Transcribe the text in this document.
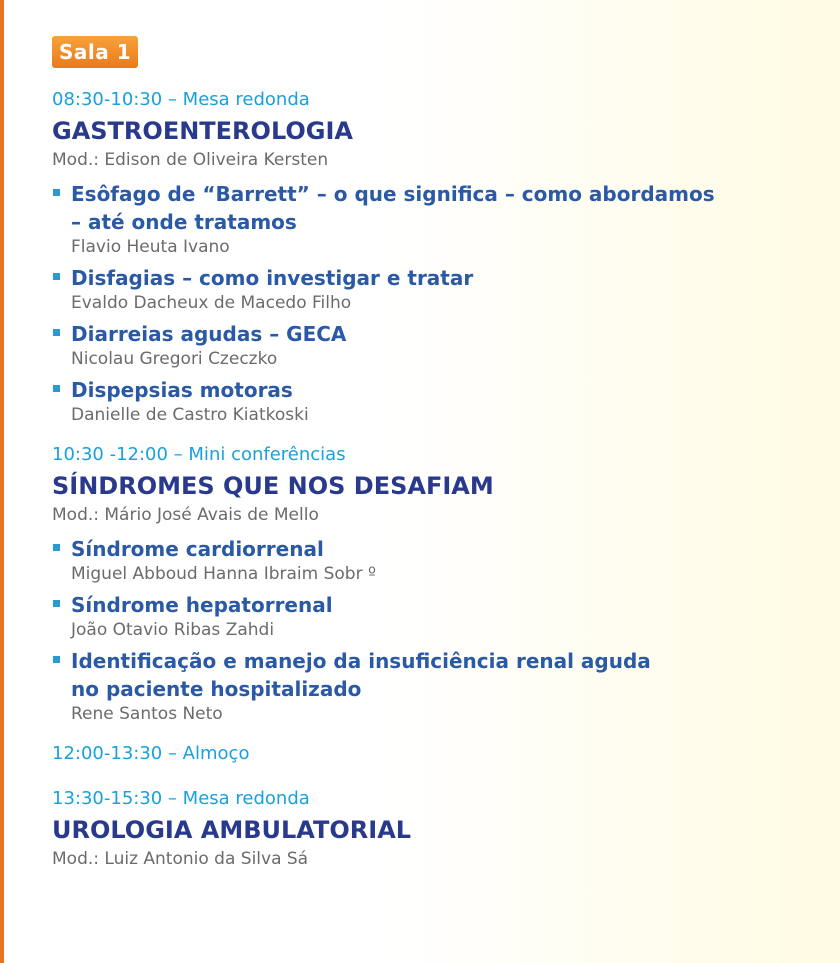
Sala 1

08:30-10:30 – Mesa redonda

GASTROENTEROLOGIA

Mod.: Edison de Oliveira Kersten

Esôfago de “Barrett” – o que significa – como abordamos
– até onde tratamos
Flavio Heuta Ivano
Disfagias – como investigar e tratar
Evaldo Dacheux de Macedo Filho
Diarreias agudas – GECA
Nicolau Gregori Czeczko
Dispepsias motoras
Danielle de Castro Kiatkoski

10:30 -12:00 – Mini conferências

SÍNDROMES QUE NOS DESAFIAM

Mod.: Mário José Avais de Mello

Síndrome cardiorrenal
Miguel Abboud Hanna Ibraim Sobr º
Síndrome hepatorrenal
João Otavio Ribas Zahdi
Identificação e manejo da insuficiência renal aguda
no paciente hospitalizado
Rene Santos Neto

12:00-13:30 – Almoço

13:30-15:30 – Mesa redonda

UROLOGIA AMBULATORIAL

Mod.: Luiz Antonio da Silva Sá
